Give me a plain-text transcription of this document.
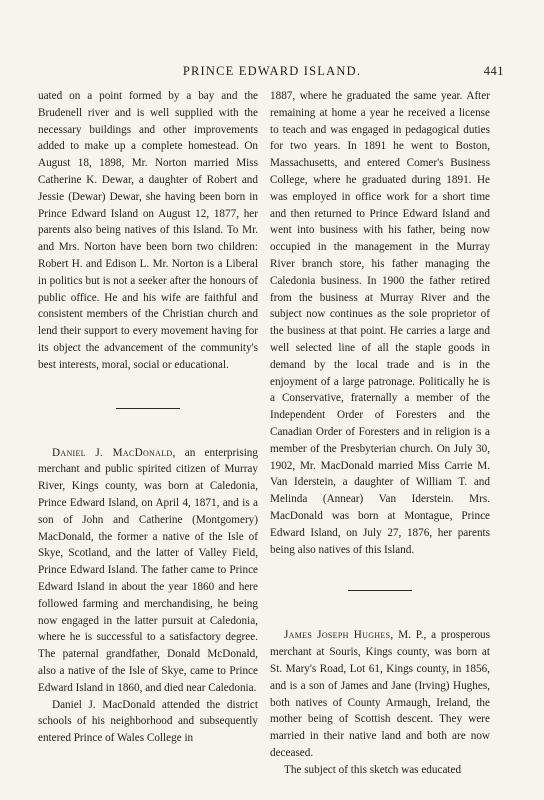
PRINCE EDWARD ISLAND.	441

uated on a point formed by a bay and the Brudenell river and is well supplied with the necessary buildings and other improvements added to make up a complete homestead. On August 18, 1898, Mr. Norton married Miss Catherine K. Dewar, a daughter of Robert and Jessie (Dewar) Dewar, she having been born in Prince Edward Island on August 12, 1877, her parents also being natives of this Island. To Mr. and Mrs. Norton have been born two children: Robert H. and Edison L. Mr. Norton is a Liberal in politics but is not a seeker after the honours of public office. He and his wife are faithful and consistent members of the Christian church and lend their support to every movement having for its object the advancement of the community's best interests, moral, social or educational.

Daniel J. MacDonald, an enterprising merchant and public spirited citizen of Murray River, Kings county, was born at Caledonia, Prince Edward Island, on April 4, 1871, and is a son of John and Catherine (Montgomery) MacDonald, the former a native of the Isle of Skye, Scotland, and the latter of Valley Field, Prince Edward Island. The father came to Prince Edward Island in about the year 1860 and here followed farming and merchandising, he being now engaged in the latter pursuit at Caledonia, where he is successful to a satisfactory degree. The paternal grandfather, Donald McDonald, also a native of the Isle of Skye, came to Prince Edward Island in 1860, and died near Caledonia.

Daniel J. MacDonald attended the district schools of his neighborhood and subsequently entered Prince of Wales College in

1887, where he graduated the same year. After remaining at home a year he received a license to teach and was engaged in pedagogical duties for two years. In 1891 he went to Boston, Massachusetts, and entered Comer's Business College, where he graduated during 1891. He was employed in office work for a short time and then returned to Prince Edward Island and went into business with his father, being now occupied in the management in the Murray River branch store, his father managing the Caledonia business. In 1900 the father retired from the business at Murray River and the subject now continues as the sole proprietor of the business at that point. He carries a large and well selected line of all the staple goods in demand by the local trade and is in the enjoyment of a large patronage. Politically he is a Conservative, fraternally a member of the Independent Order of Foresters and the Canadian Order of Foresters and in religion is a member of the Presbyterian church. On July 30, 1902, Mr. MacDonald married Miss Carrie M. Van Iderstein, a daughter of William T. and Melinda (Annear) Van Iderstein. Mrs. MacDonald was born at Montague, Prince Edward Island, on July 27, 1876, her parents being also natives of this Island.

James Joseph Hughes, M. P., a prosperous merchant at Souris, Kings county, was born at St. Mary's Road, Lot 61, Kings county, in 1856, and is a son of James and Jane (Irving) Hughes, both natives of County Armaugh, Ireland, the mother being of Scottish descent. They were married in their native land and both are now deceased.

The subject of this sketch was educated
